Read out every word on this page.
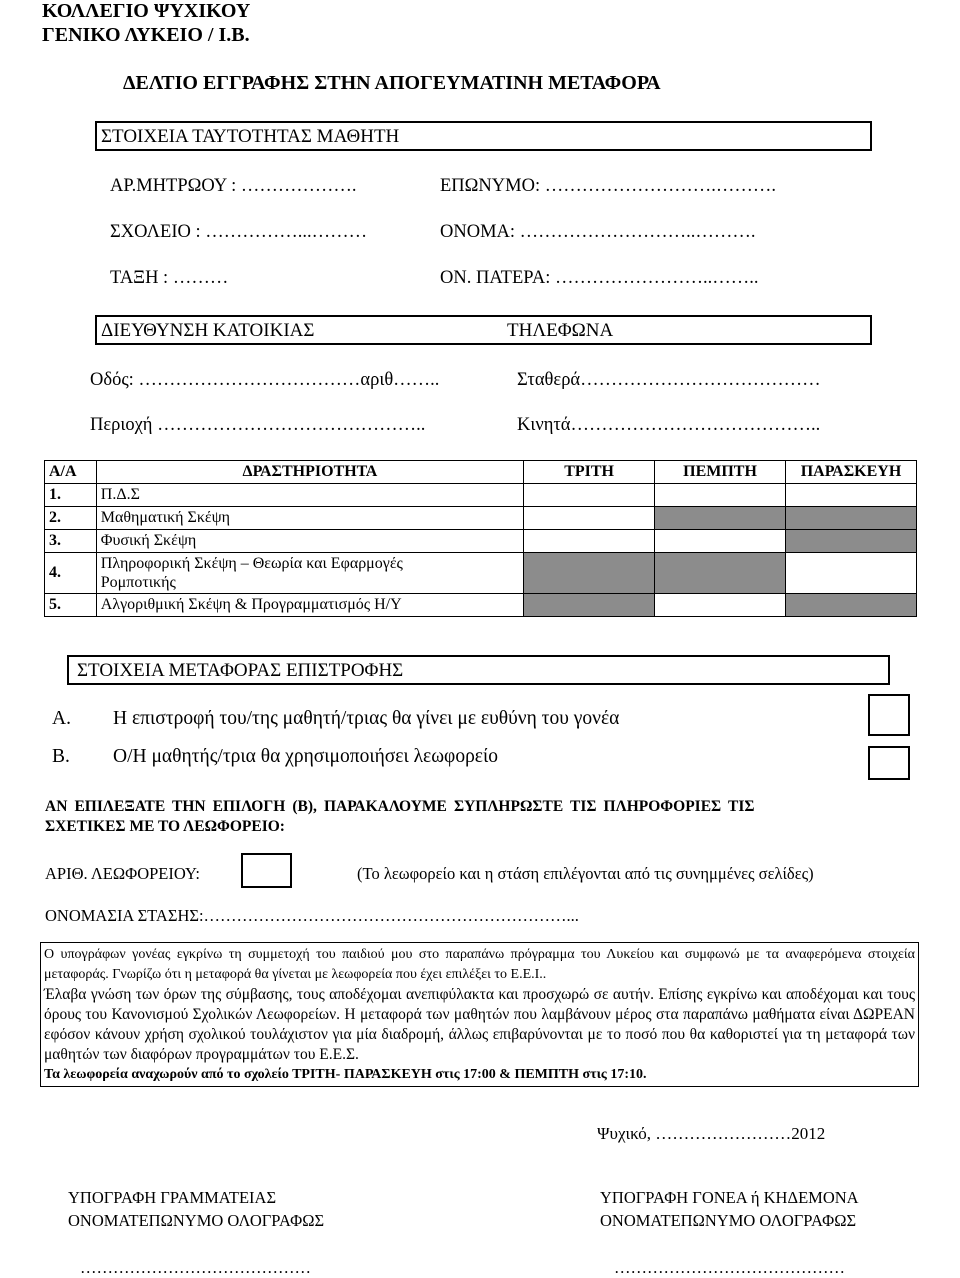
ΚΟΛΛΕΓΙΟ ΨΥΧΙΚΟΥ
ΓΕΝΙΚΟ ΛΥΚΕΙΟ / Ι.Β.
ΔΕΛΤΙΟ ΕΓΓΡΑΦΗΣ ΣΤΗΝ ΑΠΟΓΕΥΜΑΤΙΝΗ ΜΕΤΑΦΟΡΑ
ΣΤΟΙΧΕΙΑ ΤΑΥΤΟΤΗΤΑΣ ΜΑΘΗΤΗ
ΑΡ.ΜΗΤΡΩΟΥ : ……………….	ΕΠΩΝΥΜΟ: ……………………….……….
ΣΧΟΛΕΙΟ : ……………...………	ΟΝΟΜΑ: ………………………..……….
ΤΑΞΗ : ………	ΟΝ. ΠΑΤΕΡΑ: ……………………..……..
ΔΙΕΥΘΥΝΣΗ ΚΑΤΟΙΚΙΑΣ	ΤΗΛΕΦΩΝΑ
Οδός: ………………………………αριθ……..	Σταθερά…………………………………
Περιοχή ……………………………………..	Κινητά…………………………………..
Α/Α	ΔΡΑΣΤΗΡΙΟΤΗΤΑ	ΤΡΙΤΗ	ΠΕΜΠΤΗ	ΠΑΡΑΣΚΕΥΗ
1.	Π.Δ.Σ			
2.	Μαθηματική Σκέψη			
3.	Φυσική Σκέψη			
4.	Πληροφορική Σκέψη – Θεωρία και Εφαρμογές
Ρομποτικής			
5.	Αλγοριθμική Σκέψη & Προγραμματισμός Η/Υ			
ΣΤΟΙΧΕΙΑ ΜΕΤΑΦΟΡΑΣ ΕΠΙΣΤΡΟΦΗΣ
Α. Η επιστροφή του/της μαθητή/τριας θα γίνει με ευθύνη του γονέα
Β. Ο/Η μαθητής/τρια θα χρησιμοποιήσει λεωφορείο
ΑΝ ΕΠΙΛΕΞΑΤΕ ΤΗΝ ΕΠΙΛΟΓΗ (Β), ΠΑΡΑΚΑΛΟΥΜΕ ΣΥΠΛΗΡΩΣΤΕ ΤΙΣ ΠΛΗΡΟΦΟΡΙΕΣ ΤΙΣ
ΣΧΕΤΙΚΕΣ ΜΕ ΤΟ ΛΕΩΦΟΡΕΙΟ:
ΑΡΙΘ. ΛΕΩΦΟΡΕΙΟΥ:	(Το λεωφορείο και η στάση επιλέγονται από τις συνημμένες σελίδες)
ΟΝΟΜΑΣΙΑ ΣΤΑΣΗΣ:…………………………………………………………...

Ο υπογράφων γονέας εγκρίνω τη συμμετοχή του παιδιού μου στο παραπάνω πρόγραμμα του Λυκείου και συμφωνώ με τα αναφερόμενα στοιχεία μεταφοράς. Γνωρίζω ότι η μεταφορά θα γίνεται με λεωφορεία που έχει επιλέξει το Ε.Ε.Ι..

Έλαβα γνώση των όρων της σύμβασης, τους αποδέχομαι ανεπιφύλακτα και προσχωρώ σε αυτήν. Επίσης εγκρίνω και αποδέχομαι και τους όρους του Κανονισμού Σχολικών Λεωφορείων. Η μεταφορά των μαθητών που λαμβάνουν μέρος στα παραπάνω μαθήματα είναι ΔΩΡΕΑΝ εφόσον κάνουν χρήση σχολικού τουλάχιστον για μία διαδρομή, άλλως επιβαρύνονται με το ποσό που θα καθοριστεί για τη μεταφορά των μαθητών των διαφόρων προγραμμάτων του Ε.Ε.Σ.

Τα λεωφορεία αναχωρούν από το σχολείο ΤΡΙΤΗ- ΠΑΡΑΣΚΕΥΗ στις 17:00 & ΠΕΜΠΤΗ στις 17:10.

Ψυχικό, ……………………2012
ΥΠΟΓΡΑΦΗ ΓΡΑΜΜΑΤΕΙΑΣ
ΟΝΟΜΑΤΕΠΩΝΥΜΟ ΟΛΟΓΡΑΦΩΣ
……………………………………
ΥΠΟΓΡΑΦΗ ΓΟΝΕΑ ή ΚΗΔΕΜΟΝΑ
ΟΝΟΜΑΤΕΠΩΝΥΜΟ ΟΛΟΓΡΑΦΩΣ
……………………………………
